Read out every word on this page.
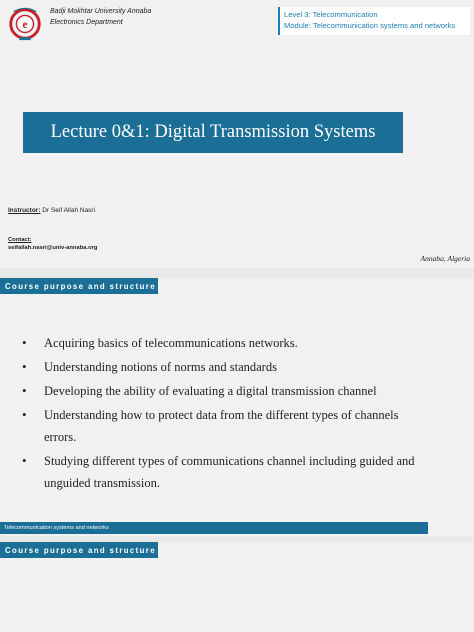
e
Badji Mokhtar University Annaba
Electronics Department
Level 3: Telecommunication
Module: Telecommunication systems and networks
Lecture 0&1: Digital Transmission Systems
Instructor: Dr Seif Allah Nasri
Contact:
seifallah.nasri@univ-annaba.org
Annaba, Algeria
Course purpose and structure
• Acquiring basics of telecommunications networks.
• Understanding notions of norms and standards
• Developing the ability of evaluating a digital transmission channel
• Understanding how to protect data from the different types of channels errors.
• Studying different types of communications channel including guided and unguided transmission.
Telecommunication systems and networks
Course purpose and structure
